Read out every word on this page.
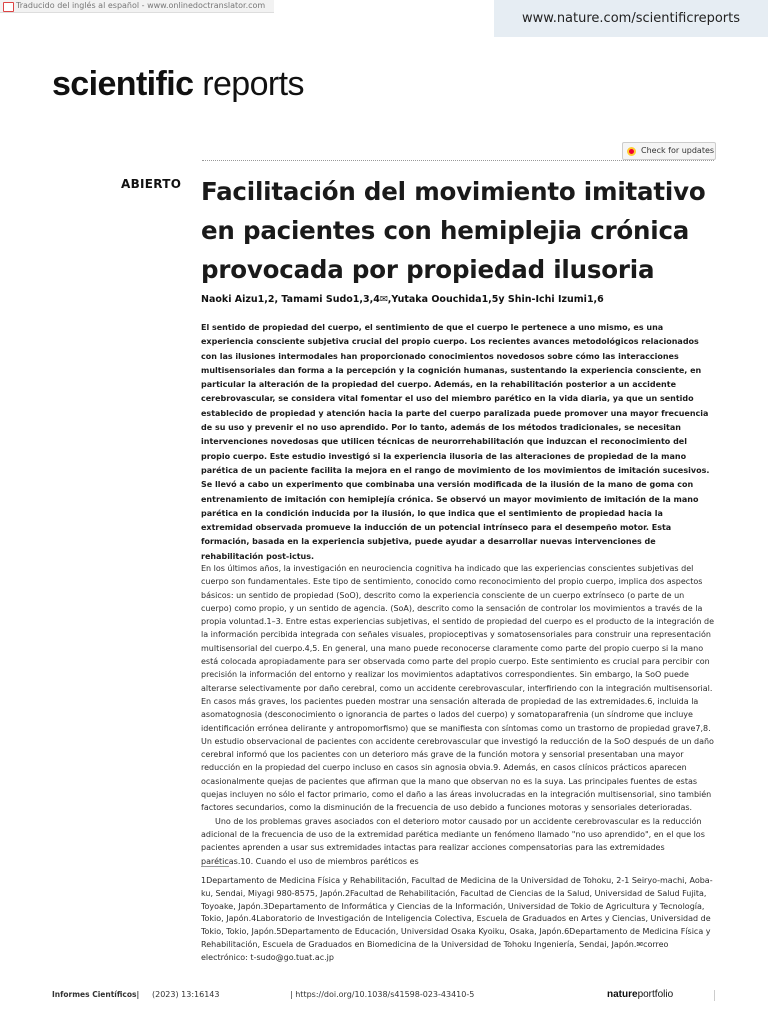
Traducido del inglés al español - www.onlinedoctranslator.com
www.nature.com/scientificreports
scientific reports
Check for updates
ABIERTO Facilitación del movimiento imitativo en pacientes con hemiplejia crónica provocada por propiedad ilusoria
Naoki Aizu1,2, Tamami Sudo1,3,4✉,Yutaka Oouchida1,5y Shin-Ichi Izumi1,6

El sentido de propiedad del cuerpo, el sentimiento de que el cuerpo le pertenece a uno mismo, es una experiencia consciente subjetiva crucial del propio cuerpo. Los recientes avances metodológicos relacionados con las ilusiones intermodales han proporcionado conocimientos novedosos sobre cómo las interacciones multisensoriales dan forma a la percepción y la cognición humanas, sustentando la experiencia consciente, en particular la alteración de la propiedad del cuerpo. Además, en la rehabilitación posterior a un accidente cerebrovascular, se considera vital fomentar el uso del miembro parético en la vida diaria, ya que un sentido establecido de propiedad y atención hacia la parte del cuerpo paralizada puede promover una mayor frecuencia de su uso y prevenir el no uso aprendido. Por lo tanto, además de los métodos tradicionales, se necesitan intervenciones novedosas que utilicen técnicas de neurorrehabilitación que induzcan el reconocimiento del propio cuerpo. Este estudio investigó si la experiencia ilusoria de las alteraciones de propiedad de la mano parética de un paciente facilita la mejora en el rango de movimiento de los movimientos de imitación sucesivos. Se llevó a cabo un experimento que combinaba una versión modificada de la ilusión de la mano de goma con entrenamiento de imitación con hemiplejía crónica. Se observó un mayor movimiento de imitación de la mano parética en la condición inducida por la ilusión, lo que indica que el sentimiento de propiedad hacia la extremidad observada promueve la inducción de un potencial intrínseco para el desempeño motor. Esta formación, basada en la experiencia subjetiva, puede ayudar a desarrollar nuevas intervenciones de rehabilitación post-ictus.

En los últimos años, la investigación en neurociencia cognitiva ha indicado que las experiencias conscientes subjetivas del cuerpo son fundamentales. Este tipo de sentimiento, conocido como reconocimiento del propio cuerpo, implica dos aspectos básicos: un sentido de propiedad (SoO), descrito como la experiencia consciente de un cuerpo extrínseco (o parte de un cuerpo) como propio, y un sentido de agencia. (SoA), descrito como la sensación de controlar los movimientos a través de la propia voluntad.1–3. Entre estas experiencias subjetivas, el sentido de propiedad del cuerpo es el producto de la integración de la información percibida integrada con señales visuales, propioceptivas y somatosensoriales para construir una representación multisensorial del cuerpo.4,5. En general, una mano puede reconocerse claramente como parte del propio cuerpo si la mano está colocada apropiadamente para ser observada como parte del propio cuerpo. Este sentimiento es crucial para percibir con precisión la información del entorno y realizar los movimientos adaptativos correspondientes. Sin embargo, la SoO puede alterarse selectivamente por daño cerebral, como un accidente cerebrovascular, interfiriendo con la integración multisensorial. En casos más graves, los pacientes pueden mostrar una sensación alterada de propiedad de las extremidades.6, incluida la asomatognosia (desconocimiento o ignorancia de partes o lados del cuerpo) y somatoparafrenia (un síndrome que incluye identificación errónea delirante y antropomorfismo) que se manifiesta con síntomas como un trastorno de propiedad grave7,8. Un estudio observacional de pacientes con accidente cerebrovascular que investigó la reducción de la SoO después de un daño cerebral informó que los pacientes con un deterioro más grave de la función motora y sensorial presentaban una mayor reducción en la propiedad del cuerpo incluso en casos sin agnosia obvia.9. Además, en casos clínicos prácticos aparecen ocasionalmente quejas de pacientes que afirman que la mano que observan no es la suya. Las principales fuentes de estas quejas incluyen no sólo el factor primario, como el daño a las áreas involucradas en la integración multisensorial, sino también factores secundarios, como la disminución de la frecuencia de uso debido a funciones motoras y sensoriales deterioradas.

Uno de los problemas graves asociados con el deterioro motor causado por un accidente cerebrovascular es la reducción adicional de la frecuencia de uso de la extremidad parética mediante un fenómeno llamado "no uso aprendido", en el que los pacientes aprenden a usar sus extremidades intactas para realizar acciones compensatorias para las extremidades paréticas.10. Cuando el uso de miembros paréticos es

1Departamento de Medicina Física y Rehabilitación, Facultad de Medicina de la Universidad de Tohoku, 2-1 Seiryo-machi, Aoba-ku, Sendai, Miyagi 980-8575, Japón.2Facultad de Rehabilitación, Facultad de Ciencias de la Salud, Universidad de Salud Fujita, Toyoake, Japón.3Departamento de Informática y Ciencias de la Información, Universidad de Tokio de Agricultura y Tecnología, Tokio, Japón.4Laboratorio de Investigación de Inteligencia Colectiva, Escuela de Graduados en Artes y Ciencias, Universidad de Tokio, Tokio, Japón.5Departamento de Educación, Universidad Osaka Kyoiku, Osaka, Japón.6Departamento de Medicina Física y Rehabilitación, Escuela de Graduados en Biomedicina de la Universidad de Tohoku Ingeniería, Sendai, Japón.✉correo electrónico: t-sudo@go.tuat.ac.jp

Informes Científicos| (2023) 13:16143	| https://doi.org/10.1038/s41598-023-43410-5	natureportfolio
